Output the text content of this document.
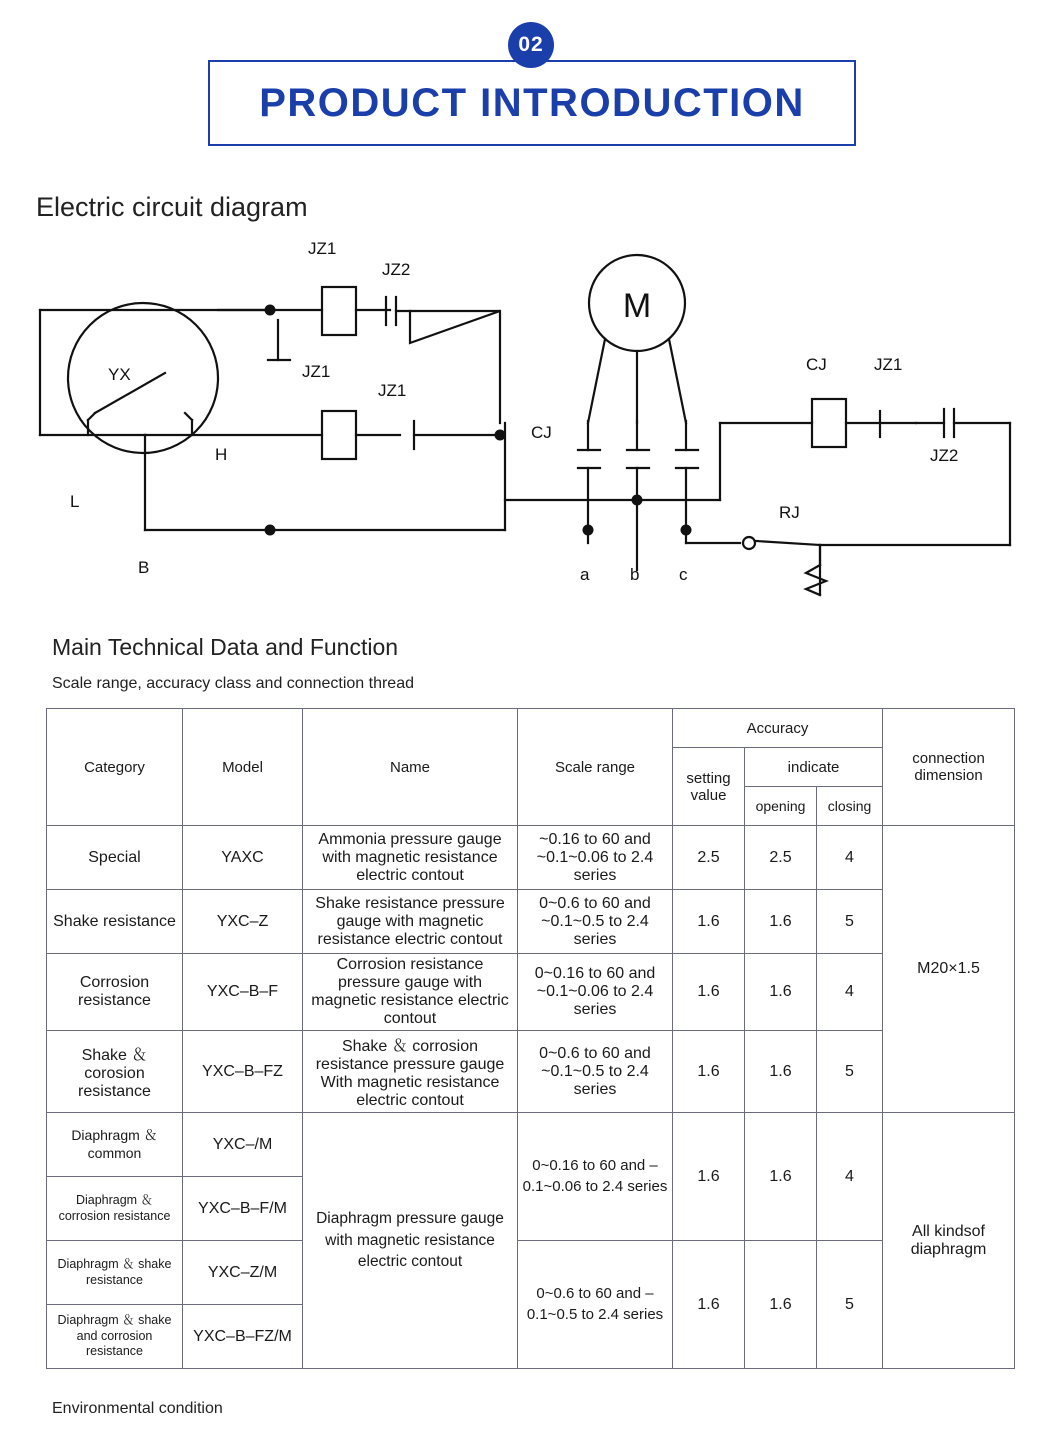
02
PRODUCT INTRODUCTION
Electric circuit diagram
Main Technical Data and Function
Scale range, accuracy class and connection thread
Environmental condition
JZ1
JZ2
JZ1
JZ1
YX
H
L
B
CJ
CJ	JZ1
JZ2
RJ
a b c
M
Category	Model	Name	Scale range	Accuracy			connection dimension
				setting value	indicate		
					opening	closing	
Special	YAXC	Ammonia pressure gauge with magnetic resistance electric contout	~0.16 to 60 and ~0.1~0.06 to 2.4 series	2.5	2.5	4	M20×1.5
Shake resistance	YXC–Z	Shake resistance pressure gauge with magnetic resistance electric contout	0~0.6 to 60 and ~0.1~0.5 to 2.4 series	1.6	1.6	5	
Corrosion resistance	YXC–B–F	Corrosion resistance pressure gauge with magnetic resistance electric contout	0~0.16 to 60 and ~0.1~0.06 to 2.4 series	1.6	1.6	4	
Shake ＆ corosion resistance	YXC–B–FZ	Shake ＆ corrosion resistance pressure gauge With magnetic resistance electric contout	0~0.6 to 60 and ~0.1~0.5 to 2.4 series	1.6	1.6	5	
Diaphragm ＆ common	YXC–/M	Diaphragm pressure gauge with magnetic resistance electric contout	0~0.16 to 60 and – 0.1~0.06 to 2.4 series	1.6	1.6	4	All kindsof diaphragm
Diaphragm ＆ corrosion resistance	YXC–B–F/M						
Diaphragm ＆ shake resistance	YXC–Z/M		0~0.6 to 60 and – 0.1~0.5 to 2.4 series	1.6	1.6	5	
Diaphragm ＆ shake and corrosion resistance	YXC–B–FZ/M						
